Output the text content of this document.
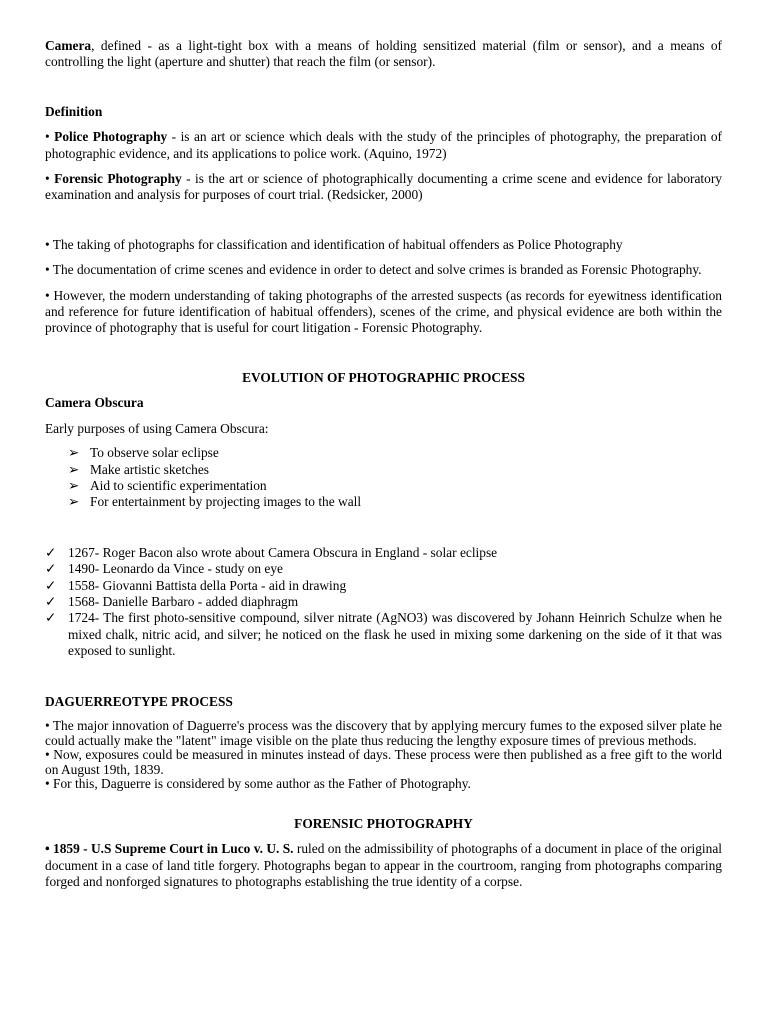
Camera, defined - as a light-tight box with a means of holding sensitized material (film or sensor), and a means of controlling the light (aperture and shutter) that reach the film (or sensor).

Definition

• Police Photography - is an art or science which deals with the study of the principles of photography, the preparation of photographic evidence, and its applications to police work. (Aquino, 1972)

• Forensic Photography - is the art or science of photographically documenting a crime scene and evidence for laboratory examination and analysis for purposes of court trial. (Redsicker, 2000)

• The taking of photographs for classification and identification of habitual offenders as Police Photography

• The documentation of crime scenes and evidence in order to detect and solve crimes is branded as Forensic Photography.

• However, the modern understanding of taking photographs of the arrested suspects (as records for eyewitness identification and reference for future identification of habitual offenders), scenes of the crime, and physical evidence are both within the province of photography that is useful for court litigation - Forensic Photography.

EVOLUTION OF PHOTOGRAPHIC PROCESS

Camera Obscura

Early purposes of using Camera Obscura:

➢ To observe solar eclipse
➢ Make artistic sketches
➢ Aid to scientific experimentation
➢ For entertainment by projecting images to the wall
✓ 1267- Roger Bacon also wrote about Camera Obscura in England - solar eclipse
✓ 1490- Leonardo da Vince - study on eye
✓ 1558- Giovanni Battista della Porta - aid in drawing
✓ 1568- Danielle Barbaro - added diaphragm
✓ 1724- The first photo-sensitive compound, silver nitrate (AgNO3) was discovered by Johann Heinrich Schulze when he mixed chalk, nitric acid, and silver; he noticed on the flask he used in mixing some darkening on the side of it that was exposed to sunlight.

DAGUERREOTYPE PROCESS

• The major innovation of Daguerre's process was the discovery that by applying mercury fumes to the exposed silver plate he could actually make the "latent" image visible on the plate thus reducing the lengthy exposure times of previous methods.

• Now, exposures could be measured in minutes instead of days. These process were then published as a free gift to the world on August 19th, 1839.

• For this, Daguerre is considered by some author as the Father of Photography.

FORENSIC PHOTOGRAPHY

• 1859 - U.S Supreme Court in Luco v. U. S. ruled on the admissibility of photographs of a document in place of the original document in a case of land title forgery. Photographs began to appear in the courtroom, ranging from photographs comparing forged and nonforged signatures to photographs establishing the true identity of a corpse.
